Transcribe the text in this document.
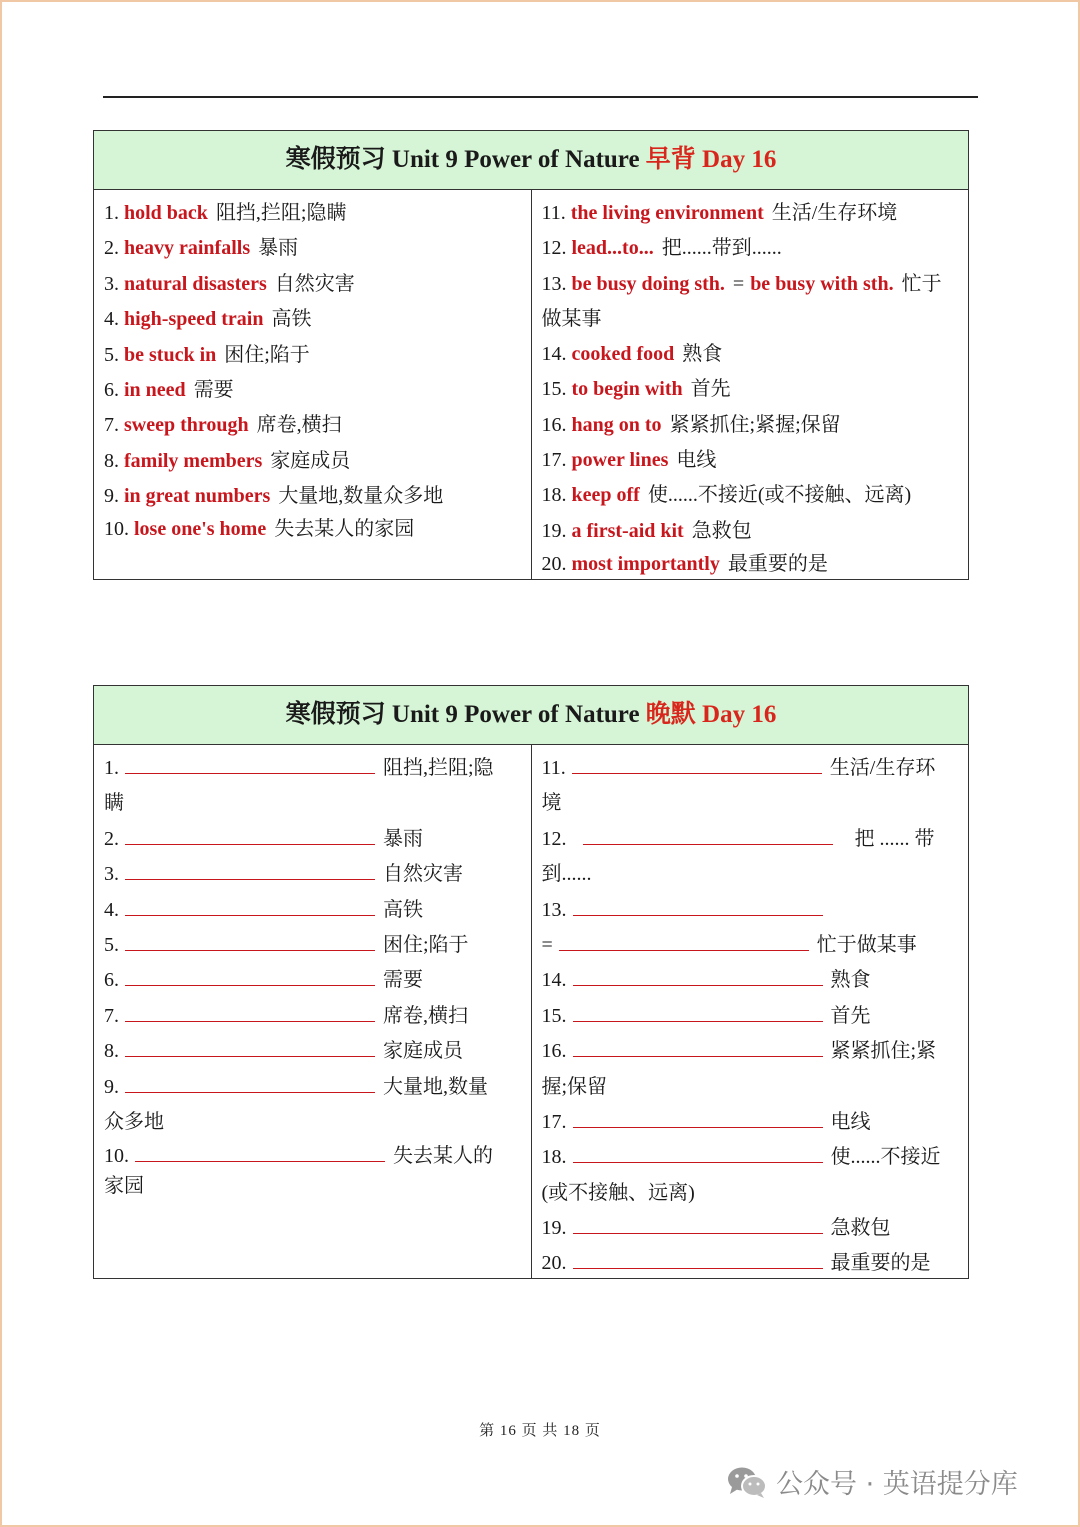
寒假预习 Unit 9 Power of Nature 早背 Day 16

1. hold back 阻挡,拦阻;隐瞒
2. heavy rainfalls 暴雨
3. natural disasters 自然灾害
4. high-speed train 高铁
5. be stuck in 困住;陷于
6. in need 需要
7. sweep through 席卷,横扫
8. family members 家庭成员
9. in great numbers 大量地,数量众多地
10. lose one's home 失去某人的家园

11. the living environment 生活/生存环境
12. lead...to... 把......带到......
13. be busy doing sth. = be busy with sth. 忙于做某事
14. cooked food 熟食
15. to begin with 首先
16. hang on to 紧紧抓住;紧握;保留
17. power lines 电线
18. keep off 使......不接近(或不接触、远离)
19. a first-aid kit 急救包
20. most importantly 最重要的是
寒假预习 Unit 9 Power of Nature 晚默 Day 16

1.	阻挡,拦阻;隐
瞒
2.	暴雨
3.	自然灾害
4.	高铁
5.	困住;陷于
6.	需要
7.	席卷,横扫
8.	家庭成员
9.	大量地,数量
众多地
10.	失去某人的
家园

11.	生活/生存环
境
12.	把 ...... 带
到......
13.
=	忙于做某事
14.	熟食
15.	首先
16.	紧紧抓住;紧
握;保留
17.	电线
18.	使......不接近
(或不接触、远离)
19.	急救包
20.	最重要的是
第 16 页 共 18 页
公众号 · 英语提分库
